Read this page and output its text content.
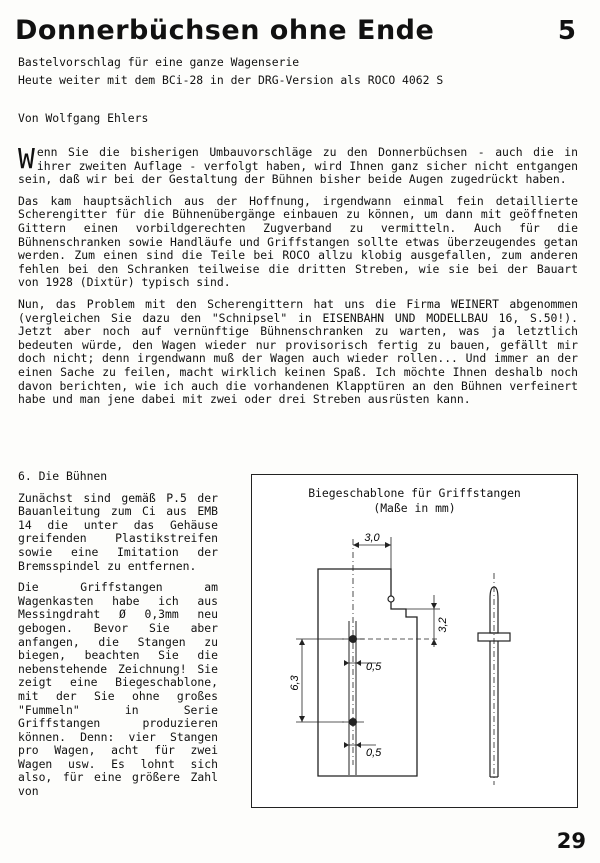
Donnerbüchsen ohne Ende	5
Bastelvorschlag für eine ganze Wagenserie
Heute weiter mit dem BCi-28 in der DRG-Version als ROCO 4062 S
Von Wolfgang Ehlers

Wenn Sie die bisherigen Umbauvorschläge zu den Donnerbüchsen - auch die in ihrer zweiten Auflage - verfolgt haben, wird Ihnen ganz sicher nicht entgangen sein, daß wir bei der Gestaltung der Bühnen bisher beide Augen zugedrückt haben.

Das kam hauptsächlich aus der Hoffnung, irgendwann einmal fein detaillierte Scherengitter für die Bühnenübergänge einbauen zu können, um dann mit geöffneten Gittern einen vorbildgerechten Zugverband zu vermitteln. Auch für die Bühnenschranken sowie Handläufe und Griffstangen sollte etwas überzeugendes getan werden. Zum einen sind die Teile bei ROCO allzu klobig ausgefallen, zum anderen fehlen bei den Schranken teilweise die dritten Streben, wie sie bei der Bauart von 1928 (Dixtür) typisch sind.

Nun, das Problem mit den Scherengittern hat uns die Firma WEINERT abgenommen (vergleichen Sie dazu den "Schnipsel" in EISENBAHN UND MODELLBAU 16, S.50!). Jetzt aber noch auf vernünftige Bühnenschranken zu warten, was ja letztlich bedeuten würde, den Wagen wieder nur provisorisch fertig zu bauen, gefällt mir doch nicht; denn irgendwann muß der Wagen auch wieder rollen... Und immer an der einen Sache zu feilen, macht wirklich keinen Spaß. Ich möchte Ihnen deshalb noch davon berichten, wie ich auch die vorhandenen Klapptüren an den Bühnen verfeinert habe und man jene dabei mit zwei oder drei Streben ausrüsten kann.

6. Die Bühnen

Zunächst sind gemäß P.5 der Bauanleitung zum Ci aus EMB 14 die unter das Gehäuse greifenden Plastikstreifen sowie eine Imitation der Bremsspindel zu entfernen.

Die Griffstangen am Wagenkasten habe ich aus Messingdraht Ø 0,3mm neu gebogen. Bevor Sie aber anfangen, die Stangen zu biegen, beachten Sie die nebenstehende Zeichnung! Sie zeigt eine Biegeschablone, mit der Sie ohne großes "Fummeln" in Serie Griffstangen produzieren können. Denn: vier Stangen pro Wagen, acht für zwei Wagen usw. Es lohnt sich also, für eine größere Zahl von

Biegeschablone für Griffstangen
(Maße in mm)
3,0
3,2
6,3
0,5
0,5
29
